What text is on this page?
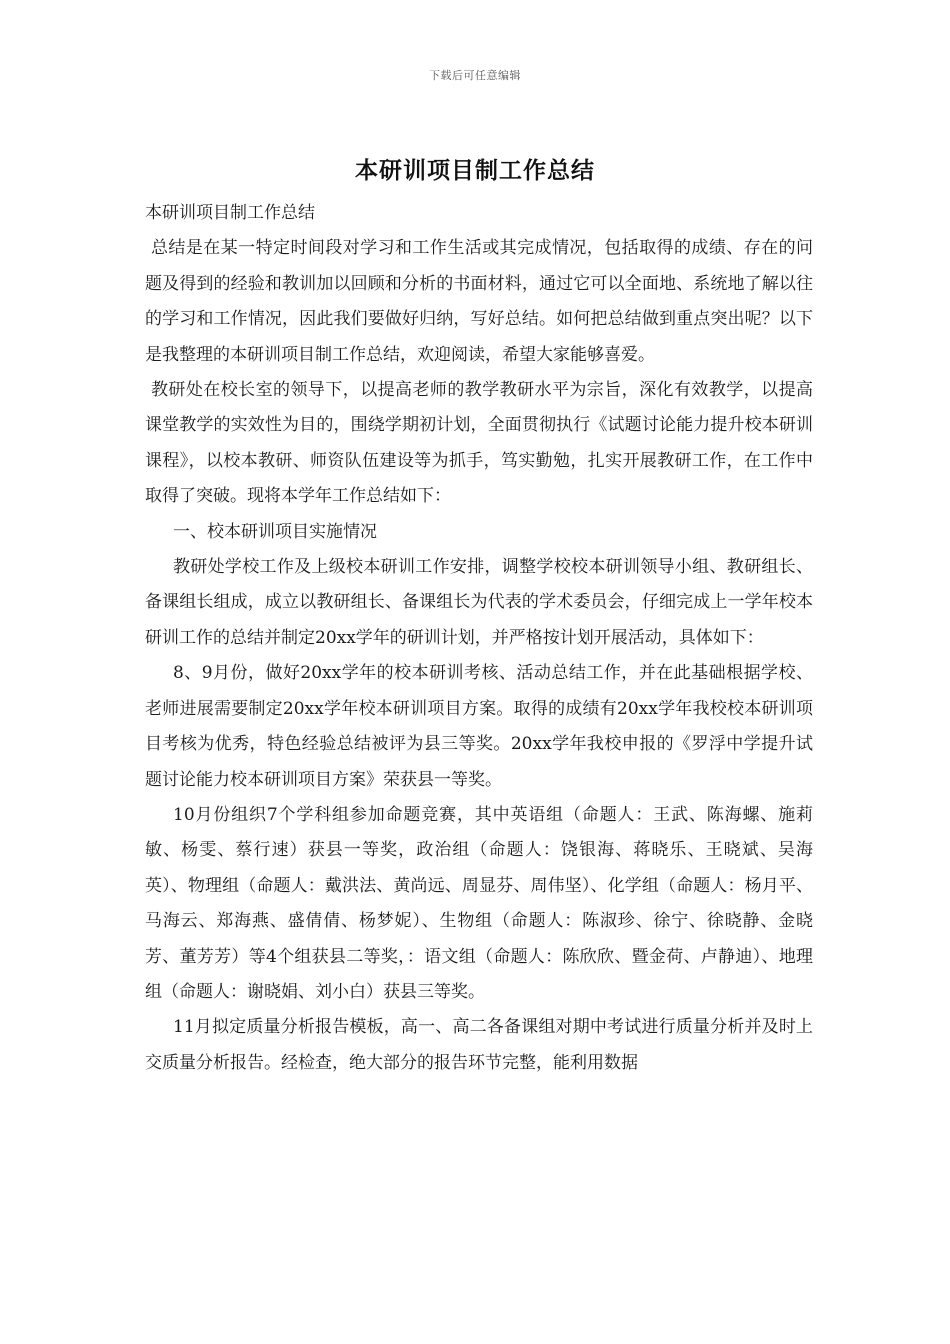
下载后可任意编辑
本研训项目制工作总结

本研训项目制工作总结

总结是在某一特定时间段对学习和工作生活或其完成情况，包括取得的成绩、存在的问题及得到的经验和教训加以回顾和分析的书面材料，通过它可以全面地、系统地了解以往的学习和工作情况，因此我们要做好归纳，写好总结。如何把总结做到重点突出呢？以下是我整理的本研训项目制工作总结，欢迎阅读，希望大家能够喜爱。

教研处在校长室的领导下，以提高老师的教学教研水平为宗旨，深化有效教学，以提高课堂教学的实效性为目的，围绕学期初计划，全面贯彻执行《试题讨论能力提升校本研训课程》，以校本教研、师资队伍建设等为抓手，笃实勤勉，扎实开展教研工作，在工作中取得了突破。现将本学年工作总结如下：

一、校本研训项目实施情况

教研处学校工作及上级校本研训工作安排，调整学校校本研训领导小组、教研组长、备课组长组成，成立以教研组长、备课组长为代表的学术委员会，仔细完成上一学年校本研训工作的总结并制定20xx学年的研训计划，并严格按计划开展活动，具体如下：

8、9月份，做好20xx学年的校本研训考核、活动总结工作，并在此基础根据学校、老师进展需要制定20xx学年校本研训项目方案。取得的成绩有20xx学年我校校本研训项目考核为优秀，特色经验总结被评为县三等奖。20xx学年我校申报的《罗浮中学提升试题讨论能力校本研训项目方案》荣获县一等奖。

10月份组织7个学科组参加命题竞赛，其中英语组（命题人：王武、陈海螺、施莉敏、杨雯、蔡行速）获县一等奖，政治组（命题人：饶银海、蒋晓乐、王晓斌、吴海英）、物理组（命题人：戴洪法、黄尚远、周显芬、周伟坚）、化学组（命题人：杨月平、马海云、郑海燕、盛倩倩、杨梦妮）、生物组（命题人：陈淑珍、徐宁、徐晓静、金晓芳、董芳芳）等4个组获县二等奖，：语文组（命题人：陈欣欣、暨金荷、卢静迪）、地理组（命题人：谢晓娟、刘小白）获县三等奖。

11月拟定质量分析报告模板，高一、高二各备课组对期中考试进行质量分析并及时上交质量分析报告。经检查，绝大部分的报告环节完整，能利用数据
